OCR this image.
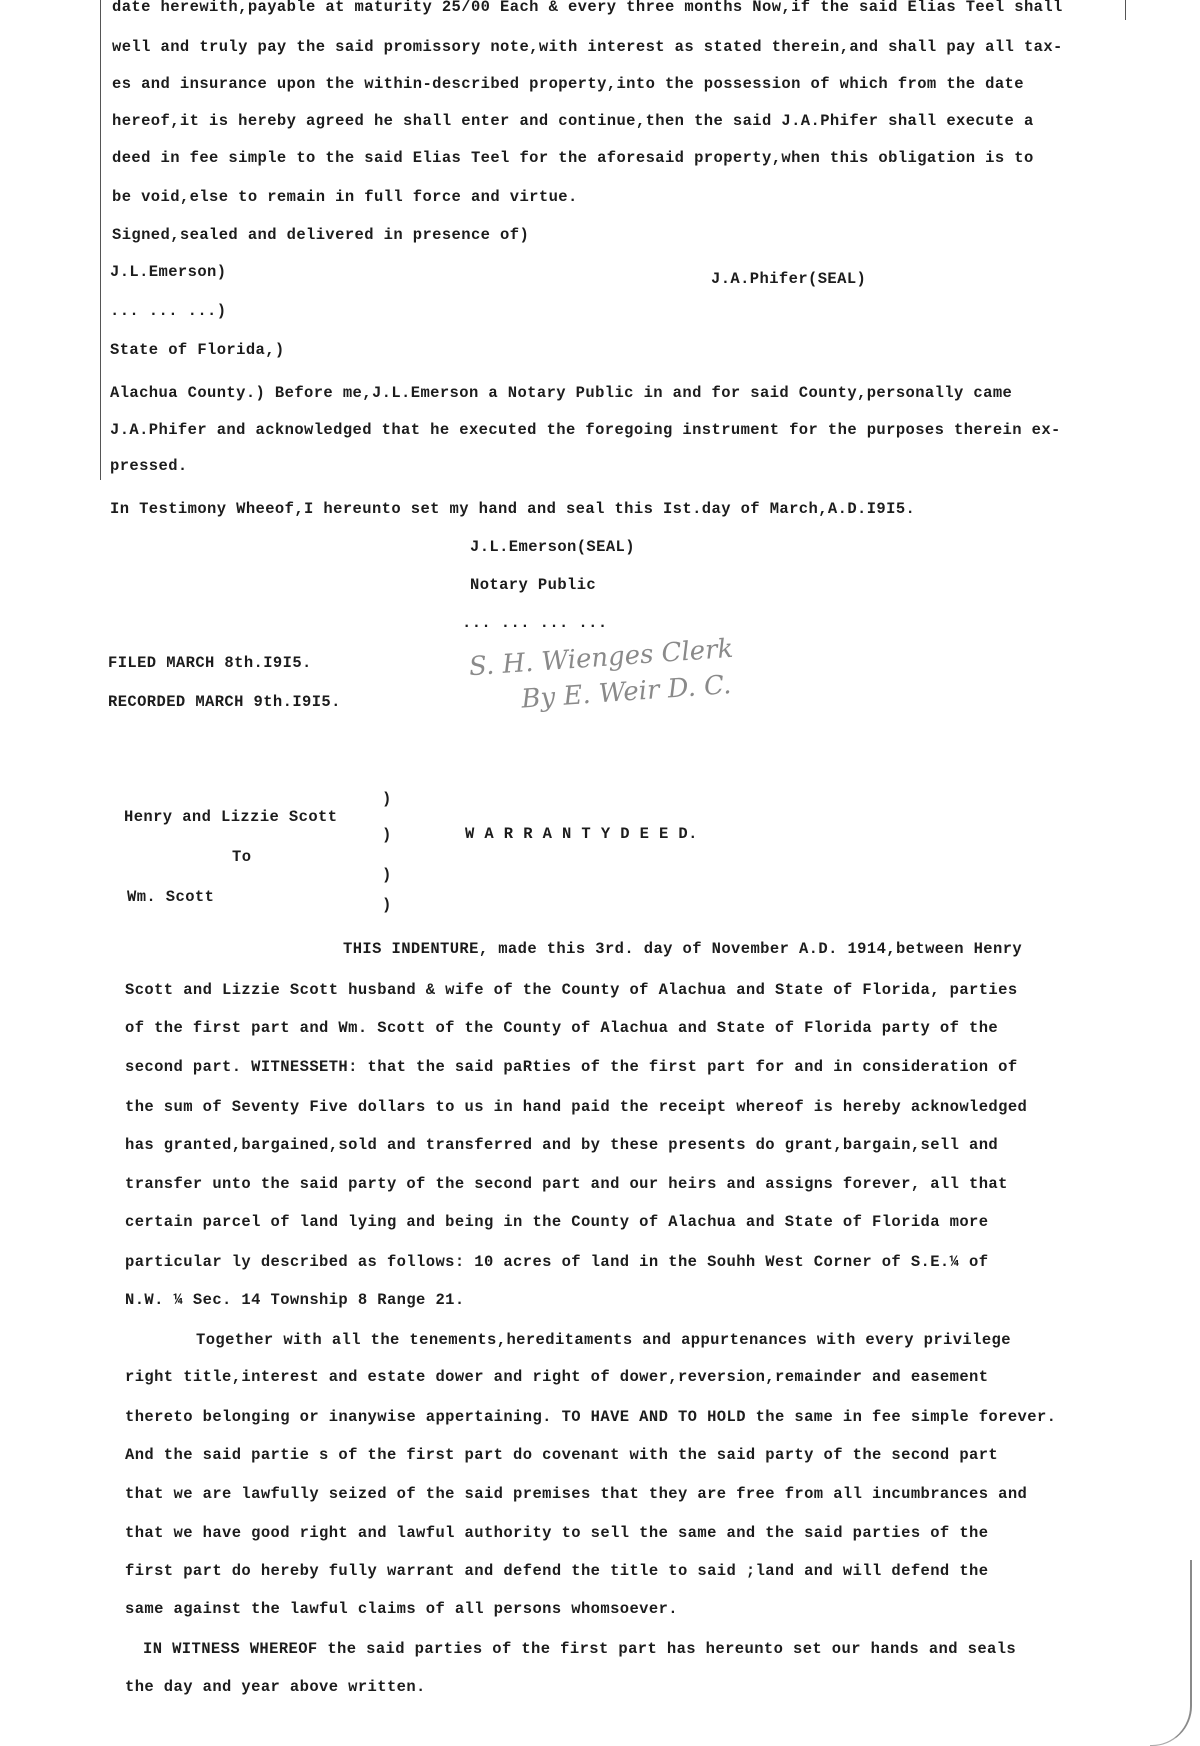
date herewith,payable at maturity 25/00 Each & every three months Now,if the said Elias Teel shall
well and truly pay the said promissory note,with interest as stated therein,and shall pay all tax-
es and insurance upon the within-described property,into the possession of which from the date
hereof,it is hereby agreed he shall enter and continue,then the said J.A.Phifer shall execute a
deed in fee simple to the said Elias Teel for the aforesaid property,when this obligation is to
be void,else to remain in full force and virtue.
Signed,sealed and delivered in presence of)
J.L.Emerson)	J.A.Phifer(SEAL)
... ... ...)
State of Florida,)
Alachua County.) Before me,J.L.Emerson a Notary Public in and for said County,personally came
J.A.Phifer and acknowledged that he executed the foregoing instrument for the purposes therein ex-
pressed.
In Testimony Wheeof,I hereunto set my hand and seal this Ist.day of March,A.D.I9I5.
J.L.Emerson(SEAL)
Notary Public
... ... ... ...
FILED MARCH 8th.I9I5.
RECORDED MARCH 9th.I9I5.
S. H. Wienges Clerk
By E. Weir D. C.
Henry and Lizzie Scott
To
Wm. Scott
)
)
)
)
W A R R A N T Y D E E D.
THIS INDENTURE, made this 3rd. day of November A.D. 1914,between Henry
Scott and Lizzie Scott husband & wife of the County of Alachua and State of Florida, parties
of the first part and Wm. Scott of the County of Alachua and State of Florida party of the
second part. WITNESSETH: that the said paRties of the first part for and in consideration of
the sum of Seventy Five dollars to us in hand paid the receipt whereof is hereby acknowledged
has granted,bargained,sold and transferred and by these presents do grant,bargain,sell and
transfer unto the said party of the second part and our heirs and assigns forever, all that
certain parcel of land lying and being in the County of Alachua and State of Florida more
particular ly described as follows: 10 acres of land in the Souhh West Corner of S.E.¼ of
N.W. ¼ Sec. 14 Township 8 Range 21.
Together with all the tenements,hereditaments and appurtenances with every privilege
right title,interest and estate dower and right of dower,reversion,remainder and easement
thereto belonging or inanywise appertaining. TO HAVE AND TO HOLD the same in fee simple forever.
And the said partie s of the first part do covenant with the said party of the second part
that we are lawfully seized of the said premises that they are free from all incumbrances and
that we have good right and lawful authority to sell the same and the said parties of the
first part do hereby fully warrant and defend the title to said ;land and will defend the
same against the lawful claims of all persons whomsoever.
IN WITNESS WHEREOF the said parties of the first part has hereunto set our hands and seals
the day and year above written.
